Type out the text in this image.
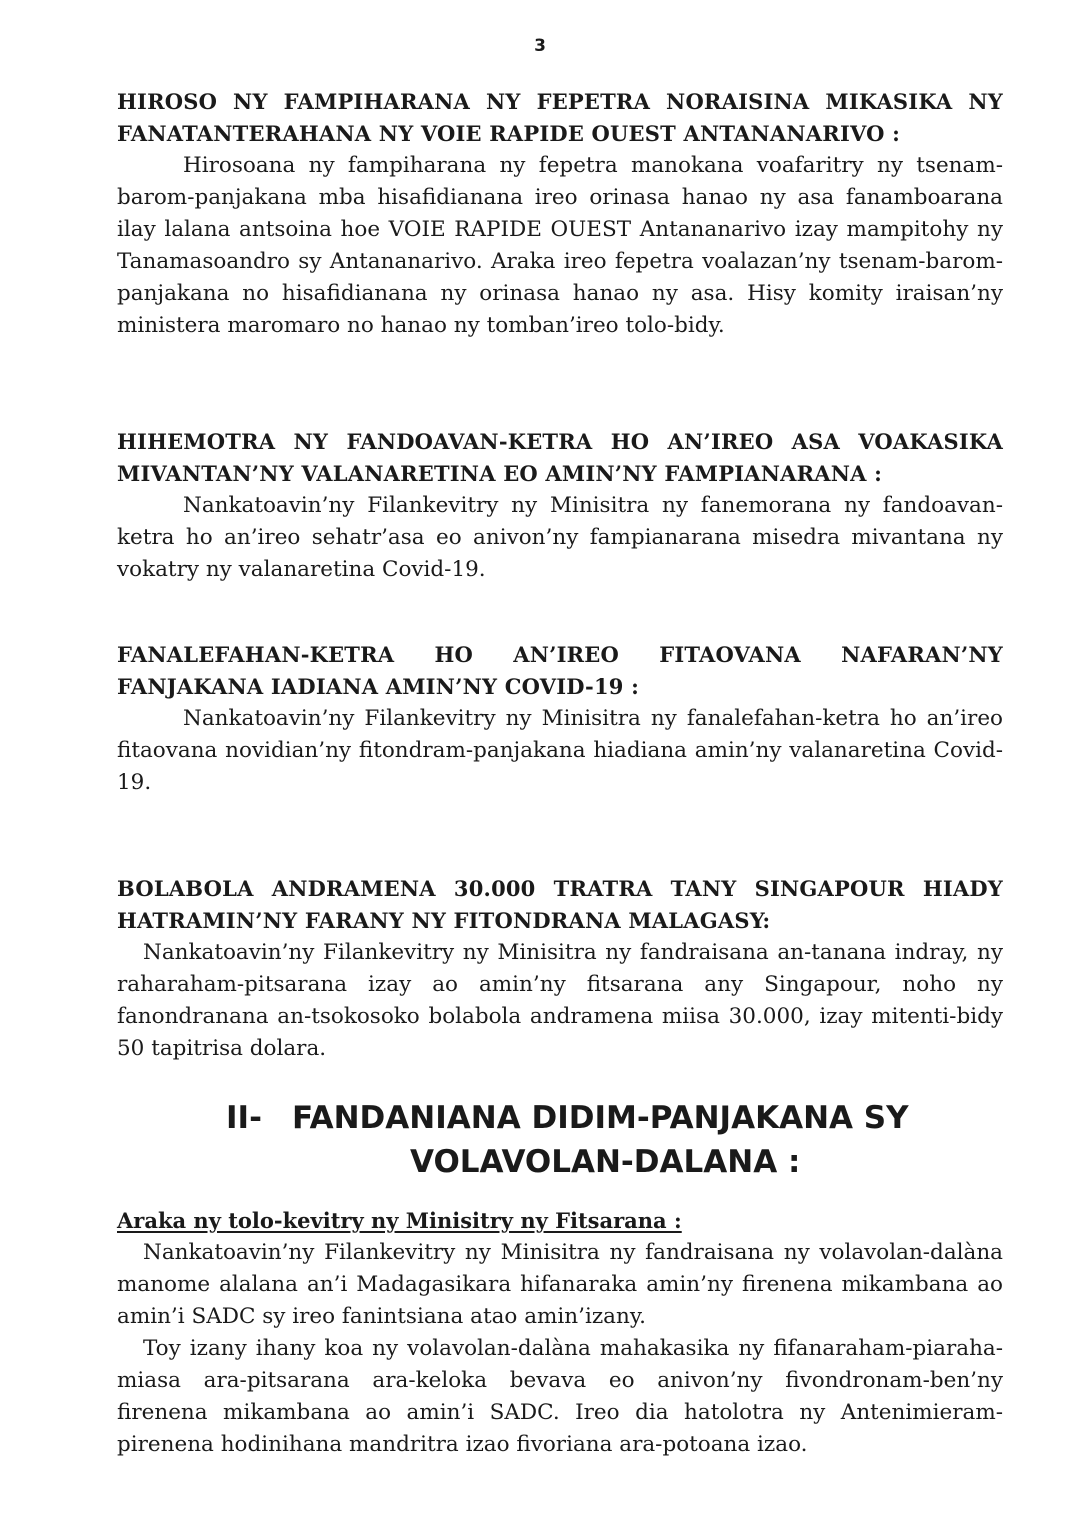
3
HIROSO NY FAMPIHARANA NY FEPETRA NORAISINA MIKASIKA NY
FANATANTERAHANA NY VOIE RAPIDE OUEST ANTANANARIVO :

Hirosoana ny fampiharana ny fepetra manokana voafaritry ny tsenam-barom-panjakana mba hisafidianana ireo orinasa hanao ny asa fanamboarana ilay lalana antsoina hoe VOIE RAPIDE OUEST Antananarivo izay mampitohy ny Tanamasoandro sy Antananarivo. Araka ireo fepetra voalazan’ny tsenam-barom-panjakana no hisafidianana ny orinasa hanao ny asa. Hisy komity iraisan’ny ministera maromaro no hanao ny tomban’ireo tolo-bidy.

HIHEMOTRA NY FANDOAVAN-KETRA HO AN’IREO ASA VOAKASIKA
MIVANTAN’NY VALANARETINA EO AMIN’NY FAMPIANARANA :

Nankatoavin’ny Filankevitry ny Minisitra ny fanemorana ny fandoavan-ketra ho an’ireo sehatr’asa eo anivon’ny fampianarana misedra mivantana ny vokatry ny valanaretina Covid-19.

FANALEFAHAN-KETRA HO AN’IREO FITAOVANA NAFARAN’NY
FANJAKANA IADIANA AMIN’NY COVID-19 :

Nankatoavin’ny Filankevitry ny Minisitra ny fanalefahan-ketra ho an’ireo fitaovana novidian’ny fitondram-panjakana hiadiana amin’ny valanaretina Covid-19.

BOLABOLA ANDRAMENA 30.000 TRATRA TANY SINGAPOUR HIADY
HATRAMIN’NY FARANY NY FITONDRANA MALAGASY:

Nankatoavin’ny Filankevitry ny Minisitra ny fandraisana an-tanana indray, ny raharaham-pitsarana izay ao amin’ny fitsarana any Singapour, noho ny fanondranana an-tsokosoko bolabola andramena miisa 30.000, izay mitenti-bidy 50 tapitrisa dolara.

II- FANDANIANA DIDIM-PANJAKANA SY
VOLAVOLAN-DALANA :
Araka ny tolo-kevitry ny Minisitry ny Fitsarana :

Nankatoavin’ny Filankevitry ny Minisitra ny fandraisana ny volavolan-dalàna manome alalana an’i Madagasikara hifanaraka amin’ny firenena mikambana ao amin’i SADC sy ireo fanintsiana atao amin’izany.

Toy izany ihany koa ny volavolan-dalàna mahakasika ny fifanaraham-piaraha-miasa ara-pitsarana ara-keloka bevava eo anivon’ny fivondronam-ben’ny firenena mikambana ao amin’i SADC. Ireo dia hatolotra ny Antenimieram-pirenena hodinihana mandritra izao fivoriana ara-potoana izao.
